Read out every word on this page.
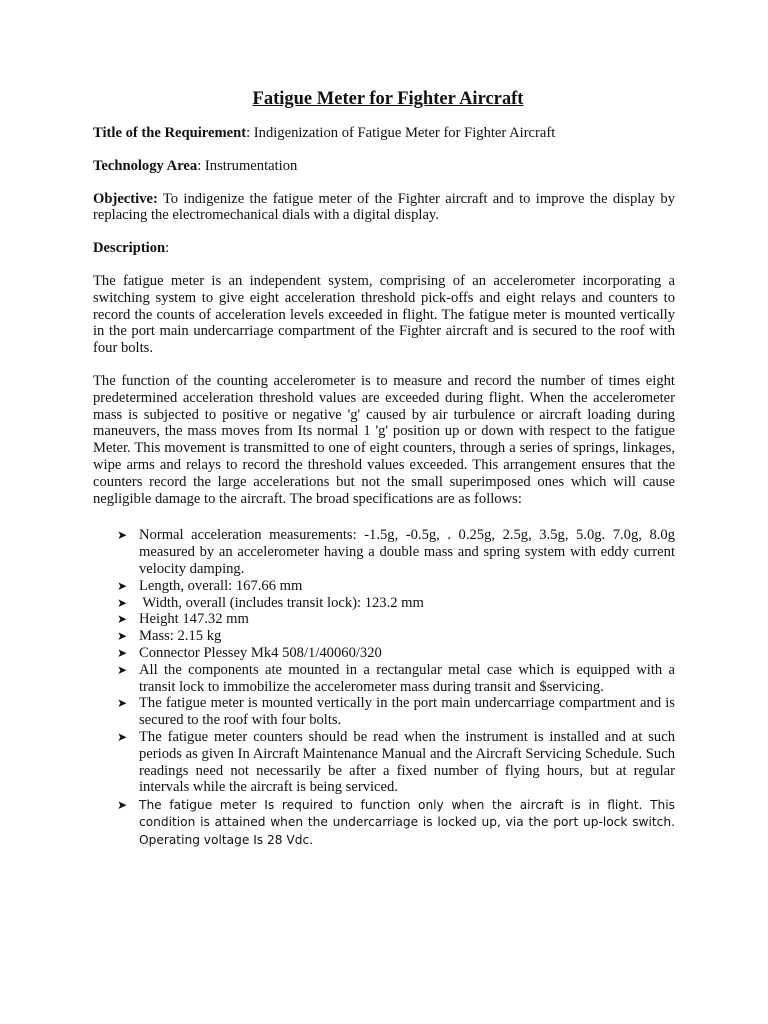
Fatigue Meter for Fighter Aircraft

Title of the Requirement: Indigenization of Fatigue Meter for Fighter Aircraft

Technology Area: Instrumentation

Objective: To indigenize the fatigue meter of the Fighter aircraft and to improve the display by replacing the electromechanical dials with a digital display.

Description:

The fatigue meter is an independent system, comprising of an accelerometer incorporating a switching system to give eight acceleration threshold pick-offs and eight relays and counters to record the counts of acceleration levels exceeded in flight. The fatigue meter is mounted vertically in the port main undercarriage compartment of the Fighter aircraft and is secured to the roof with four bolts.

The function of the counting accelerometer is to measure and record the number of times eight predetermined acceleration threshold values are exceeded during flight. When the accelerometer mass is subjected to positive or negative 'g' caused by air turbulence or aircraft loading during maneuvers, the mass moves from Its normal 1 'g' position up or down with respect to the fatigue Meter. This movement is transmitted to one of eight counters, through a series of springs, linkages, wipe arms and relays to record the threshold values exceeded. This arrangement ensures that the counters record the large accelerations but not the small superimposed ones which will cause negligible damage to the aircraft. The broad specifications are as follows:

➤ Normal acceleration measurements: -1.5g, -0.5g, . 0.25g, 2.5g, 3.5g, 5.0g. 7.0g, 8.0g measured by an accelerometer having a double mass and spring system with eddy current velocity damping.
➤ Length, overall: 167.66 mm
➤ Width, overall (includes transit lock): 123.2 mm
➤ Height 147.32 mm
➤ Mass: 2.15 kg
➤ Connector Plessey Mk4 508/1/40060/320
➤ All the components ate mounted in a rectangular metal case which is equipped with a transit lock to immobilize the accelerometer mass during transit and $servicing.
➤ The fatigue meter is mounted vertically in the port main undercarriage compartment and is secured to the roof with four bolts.
➤ The fatigue meter counters should be read when the instrument is installed and at such periods as given In Aircraft Maintenance Manual and the Aircraft Servicing Schedule. Such readings need not necessarily be after a fixed number of flying hours, but at regular intervals while the aircraft is being serviced.
➤ The fatigue meter Is required to function only when the aircraft is in flight. This condition is attained when the undercarriage is locked up, via the port up-lock switch. Operating voltage Is 28 Vdc.
